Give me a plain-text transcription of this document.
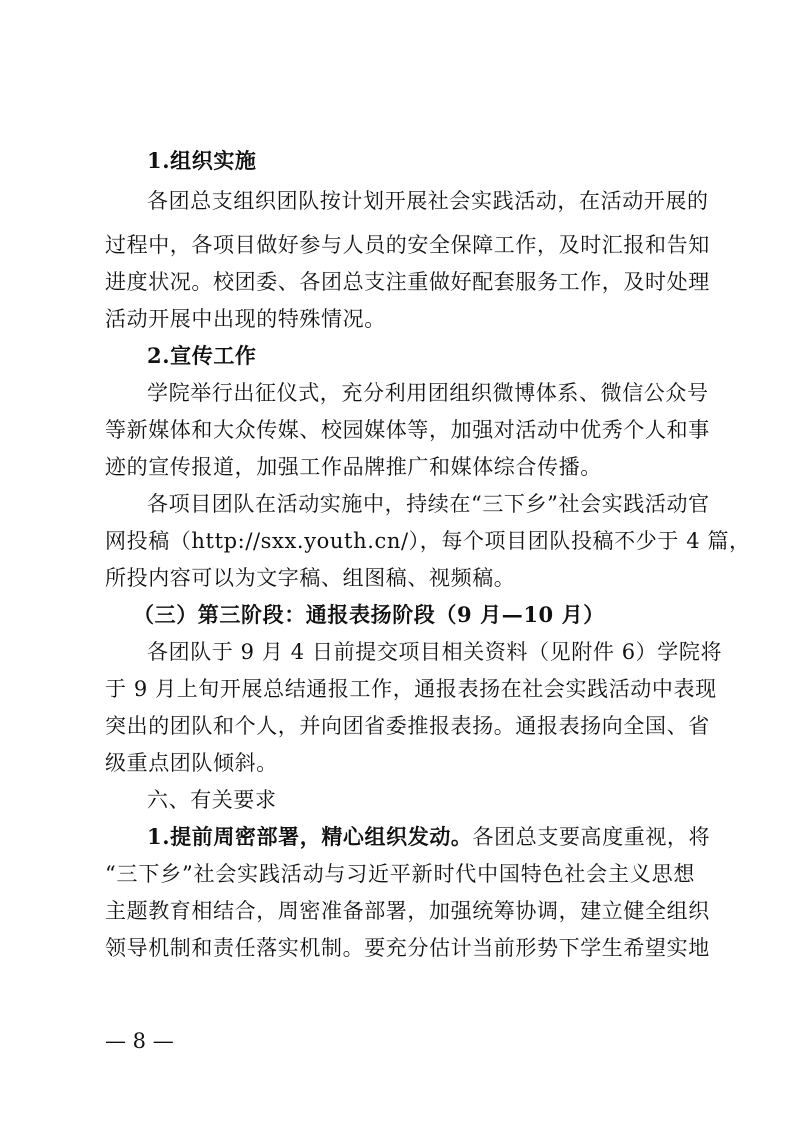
1.组织实施
各团总支组织团队按计划开展社会实践活动，在活动开展的
过程中，各项目做好参与人员的安全保障工作，及时汇报和告知
进度状况。校团委、各团总支注重做好配套服务工作，及时处理
活动开展中出现的特殊情况。
2.宣传工作
学院举行出征仪式，充分利用团组织微博体系、微信公众号
等新媒体和大众传媒、校园媒体等，加强对活动中优秀个人和事
迹的宣传报道，加强工作品牌推广和媒体综合传播。
各项目团队在活动实施中，持续在“三下乡”社会实践活动官
网投稿（http://sxx.youth.cn/），每个项目团队投稿不少于 4 篇，
所投内容可以为文字稿、组图稿、视频稿。
（三）第三阶段：通报表扬阶段（9 月—10 月）
各团队于 9 月 4 日前提交项目相关资料（见附件 6）学院将
于 9 月上旬开展总结通报工作，通报表扬在社会实践活动中表现
突出的团队和个人，并向团省委推报表扬。通报表扬向全国、省
级重点团队倾斜。
六、有关要求
1.提前周密部署，精心组织发动。各团总支要高度重视，将
“三下乡”社会实践活动与习近平新时代中国特色社会主义思想
主题教育相结合，周密准备部署，加强统筹协调，建立健全组织
领导机制和责任落实机制。要充分估计当前形势下学生希望实地
— 8 —
